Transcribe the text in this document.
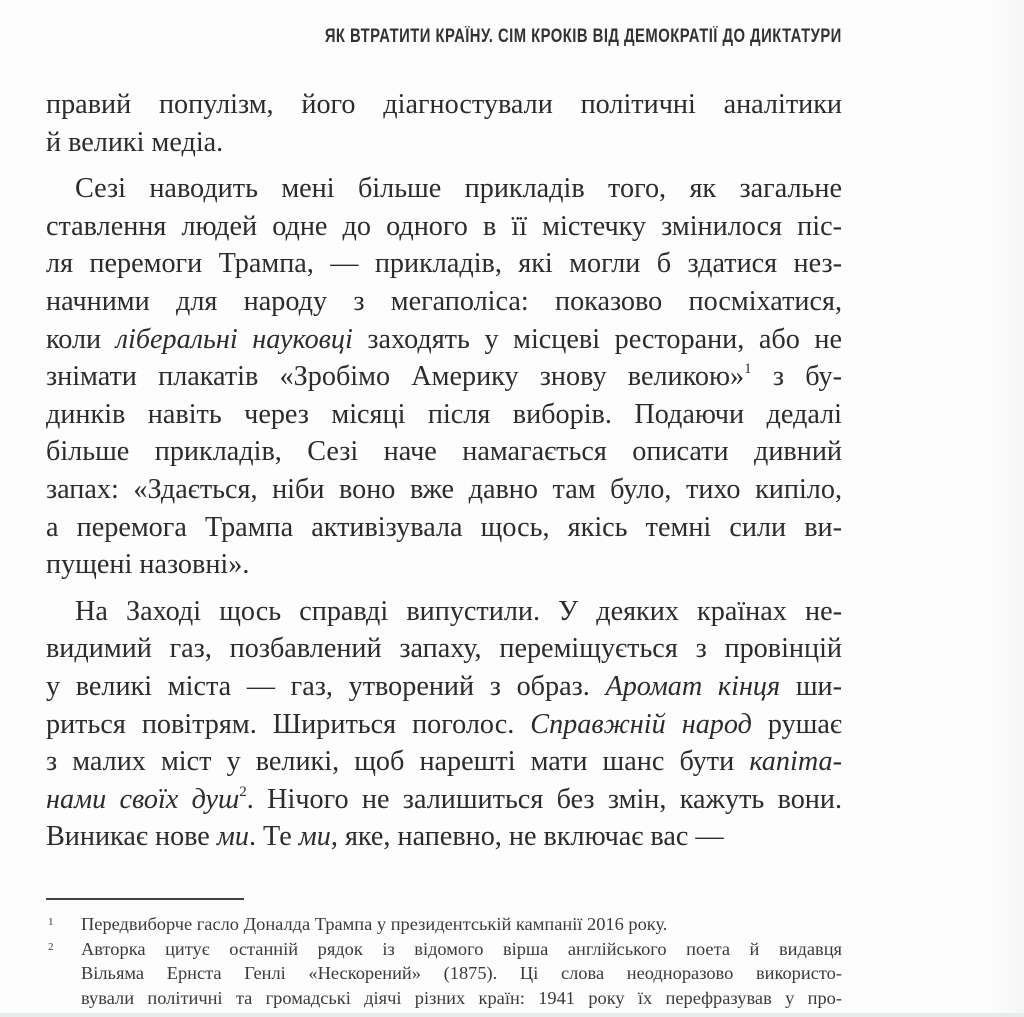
ЯК ВТРАТИТИ КРАЇНУ. СІМ КРОКІВ ВІД ДЕМОКРАТІЇ ДО ДИКТАТУРИ
правий популізм, його діагностували політичні аналітики
й великі медіа.
Сезі наводить мені більше прикладів того, як загальне
ставлення людей одне до одного в її містечку змінилося піс-
ля перемоги Трампа, — прикладів, які могли б здатися нез-
начними для народу з мегаполіса: показово посміхатися,
коли ліберальні науковці заходять у місцеві ресторани, або не
знімати плакатів «Зробімо Америку знову великою»$^1$ з бу-
динків навіть через місяці після виборів. Подаючи дедалі
більше прикладів, Сезі наче намагається описати дивний
запах: «Здається, ніби воно вже давно там було, тихо кипіло,
а перемога Трампа активізувала щось, якісь темні сили ви-
пущені назовні».
На Заході щось справді випустили. У деяких країнах не-
видимий газ, позбавлений запаху, переміщується з провінцій
у великі міста — газ, утворений з образ. Аромат кінця ши-
риться повітрям. Шириться поголос. Справжній народ рушає
з малих міст у великі, щоб нарешті мати шанс бути капіта-
нами своїх душ$^2$. Нічого не залишиться без змін, кажуть вони.
Виникає нове ми. Те ми, яке, напевно, не включає вас —
1 Передвиборче гасло Доналда Трампа у президентській кампанії 2016 року.
2 Авторка цитує останній рядок із відомого вірша англійського поета й видавця
Вільяма Ернста Генлі «Нескорений» (1875). Ці слова неодноразово використо-
вували політичні та громадські діячі різних країн: 1941 року їх перефразував у про-
